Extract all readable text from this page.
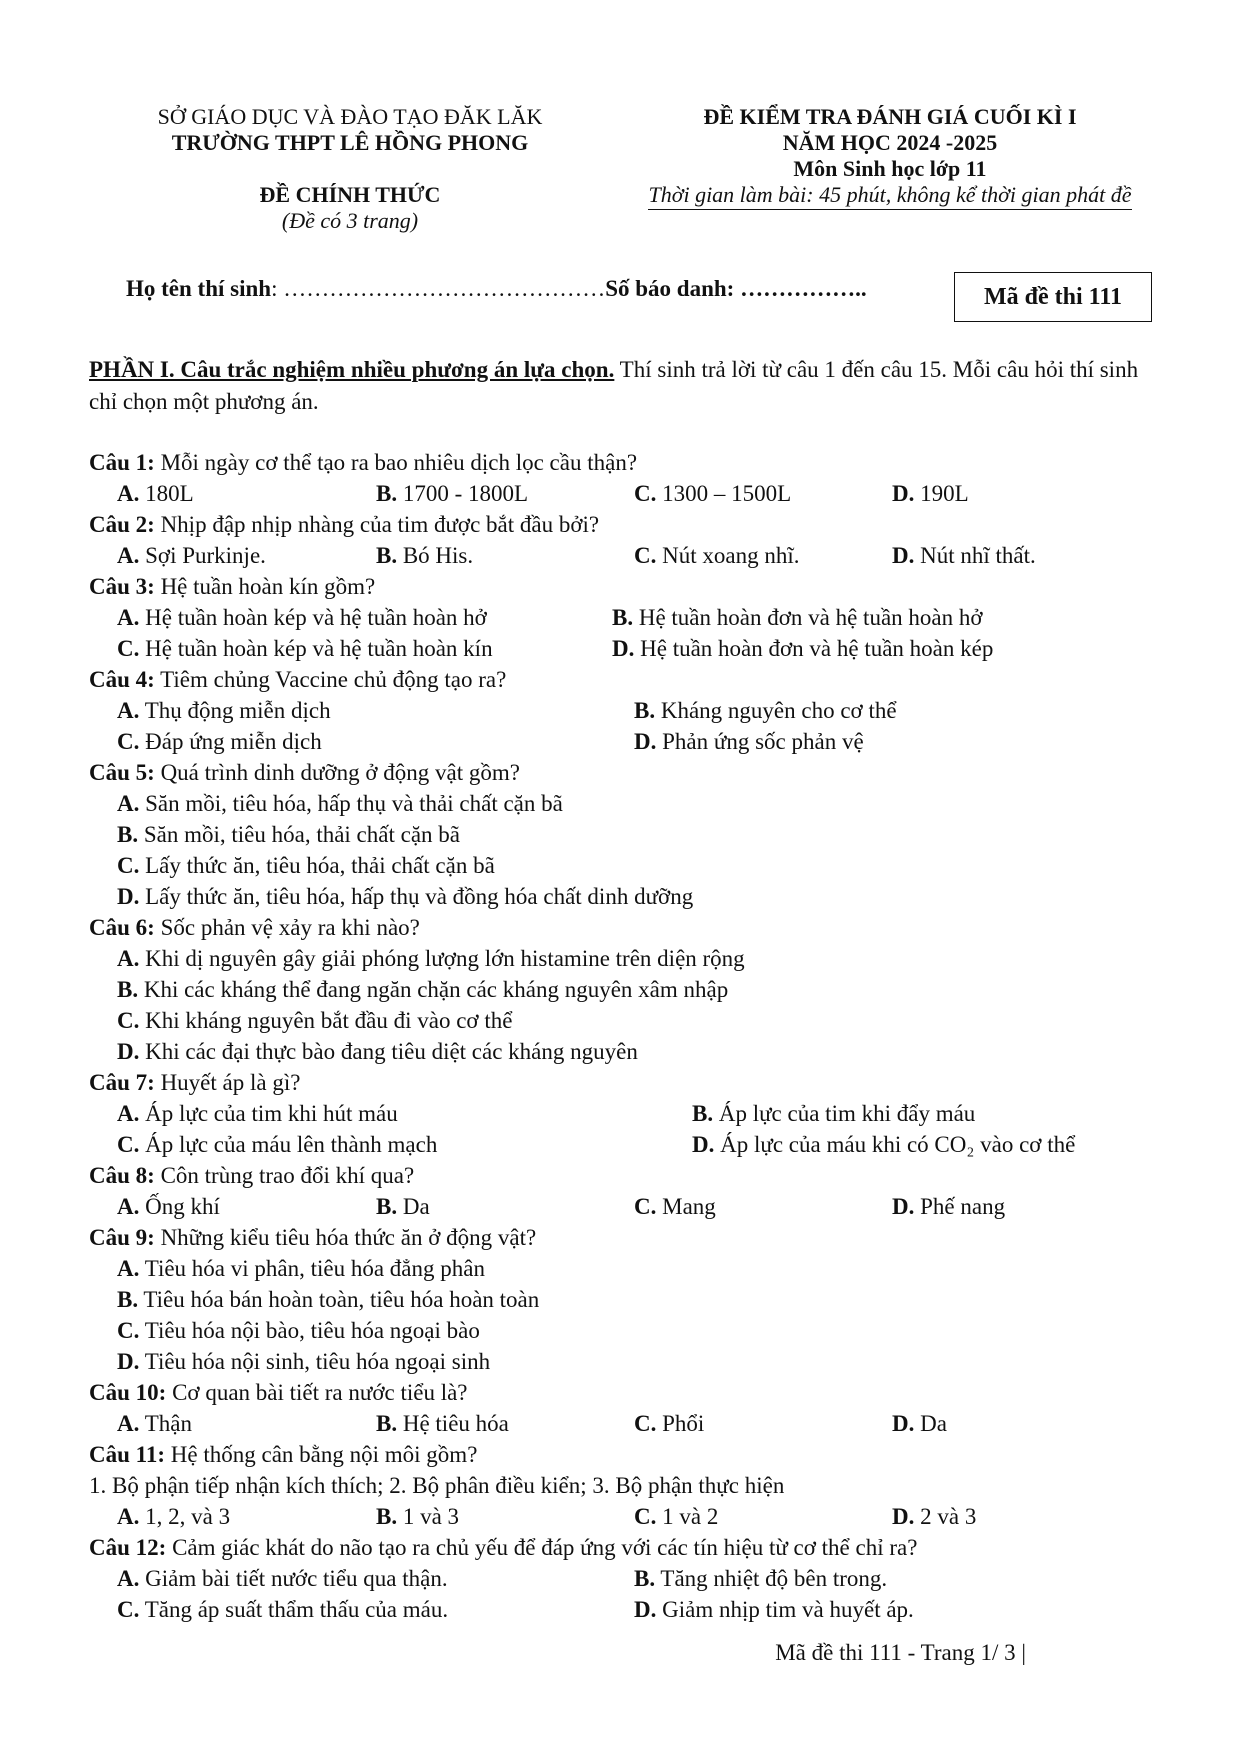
SỞ GIÁO DỤC VÀ ĐÀO TẠO ĐĂK LĂK
TRƯỜNG THPT LÊ HỒNG PHONG
ĐỀ CHÍNH THỨC
(Đề có 3 trang)
ĐỀ KIỂM TRA ĐÁNH GIÁ CUỐI KÌ I
NĂM HỌC 2024 -2025
Môn Sinh học lớp 11
Thời gian làm bài: 45 phút, không kể thời gian phát đề
Họ tên thí sinh: ……………………………………Số báo danh: ……………..	Mã đề thi 111
PHẦN I. Câu trắc nghiệm nhiều phương án lựa chọn. Thí sinh trả lời từ câu 1 đến câu 15. Mỗi câu hỏi thí sinh chỉ chọn một phương án.
Câu 1: Mỗi ngày cơ thể tạo ra bao nhiêu dịch lọc cầu thận?
A. 180L	B. 1700 - 1800L	C. 1300 – 1500L	D. 190L
Câu 2: Nhịp đập nhịp nhàng của tim được bắt đầu bởi?
A. Sợi Purkinje.	B. Bó His.	C. Nút xoang nhĩ.	D. Nút nhĩ thất.
Câu 3: Hệ tuần hoàn kín gồm?
A. Hệ tuần hoàn kép và hệ tuần hoàn hở	B. Hệ tuần hoàn đơn và hệ tuần hoàn hở
C. Hệ tuần hoàn kép và hệ tuần hoàn kín	D. Hệ tuần hoàn đơn và hệ tuần hoàn kép
Câu 4: Tiêm chủng Vaccine chủ động tạo ra?
A. Thụ động miễn dịch	B. Kháng nguyên cho cơ thể
C. Đáp ứng miễn dịch	D. Phản ứng sốc phản vệ
Câu 5: Quá trình dinh dưỡng ở động vật gồm?
A. Săn mồi, tiêu hóa, hấp thụ và thải chất cặn bã
B. Săn mồi, tiêu hóa, thải chất cặn bã
C. Lấy thức ăn, tiêu hóa, thải chất cặn bã
D. Lấy thức ăn, tiêu hóa, hấp thụ và đồng hóa chất dinh dưỡng
Câu 6: Sốc phản vệ xảy ra khi nào?
A. Khi dị nguyên gây giải phóng lượng lớn histamine trên diện rộng
B. Khi các kháng thể đang ngăn chặn các kháng nguyên xâm nhập
C. Khi kháng nguyên bắt đầu đi vào cơ thể
D. Khi các đại thực bào đang tiêu diệt các kháng nguyên
Câu 7: Huyết áp là gì?
A. Áp lực của tim khi hút máu	B. Áp lực của tim khi đẩy máu
C. Áp lực của máu lên thành mạch	D. Áp lực của máu khi có CO₂ vào cơ thể
Câu 8: Côn trùng trao đổi khí qua?
A. Ống khí	B. Da	C. Mang	D. Phế nang
Câu 9: Những kiểu tiêu hóa thức ăn ở động vật?
A. Tiêu hóa vi phân, tiêu hóa đẳng phân
B. Tiêu hóa bán hoàn toàn, tiêu hóa hoàn toàn
C. Tiêu hóa nội bào, tiêu hóa ngoại bào
D. Tiêu hóa nội sinh, tiêu hóa ngoại sinh
Câu 10: Cơ quan bài tiết ra nước tiểu là?
A. Thận	B. Hệ tiêu hóa	C. Phổi	D. Da
Câu 11: Hệ thống cân bằng nội môi gồm?
1. Bộ phận tiếp nhận kích thích; 2. Bộ phân điều kiển; 3. Bộ phận thực hiện
A. 1, 2, và 3	B. 1 và 3	C. 1 và 2	D. 2 và 3
Câu 12: Cảm giác khát do não tạo ra chủ yếu để đáp ứng với các tín hiệu từ cơ thể chỉ ra?
A. Giảm bài tiết nước tiểu qua thận.	B. Tăng nhiệt độ bên trong.
C. Tăng áp suất thẩm thấu của máu.	D. Giảm nhịp tim và huyết áp.
Mã đề thi 111 - Trang 1/ 3 |
